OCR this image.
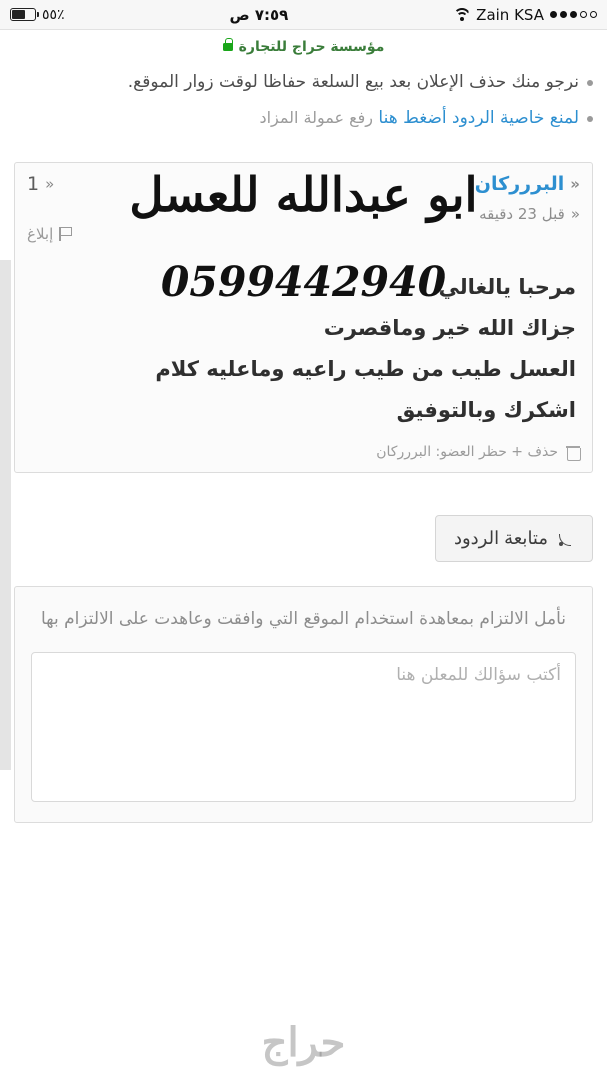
٥٥٪	٧:٥٩ ص	Zain KSA
مؤسسة حراج للتجارة
نرجو منك حذف الإعلان بعد بيع السلعة حفاظا لوقت زوار الموقع.
لمنع خاصية الردود أضغط هنا رفع عمولة المزاد
ابو عبدالله للعسل
0599442940
«
البررركان
«
قبل 23 دقيقه
1 »
إبلاغ
مرحبا يالغالي
جزاك الله خير وماقصرت
العسل طيب من طيب راعيه وماعليه كلام
اشكرك وبالتوفيق
حذف + حظر العضو: البررركان
متابعة الردود
نأمل الالتزام بمعاهدة استخدام الموقع التي وافقت وعاهدت على الالتزام بها
أكتب سؤالك للمعلن هنا
حراج
